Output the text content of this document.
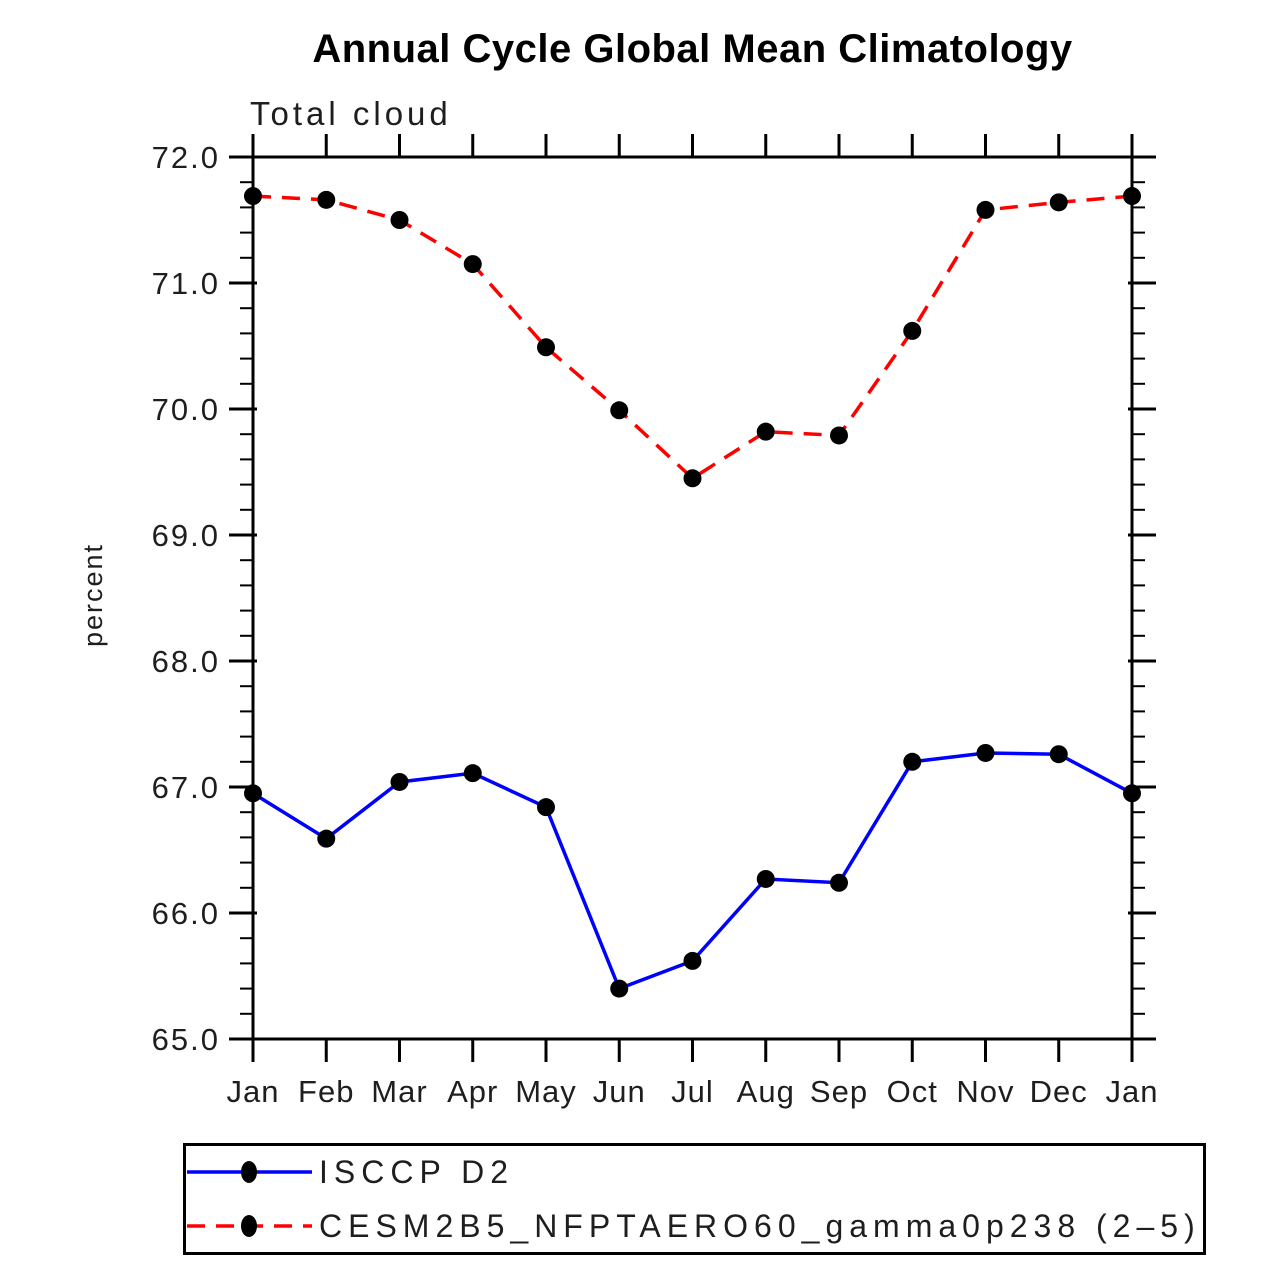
Annual Cycle Global Mean Climatology
Total cloud
percent
65.0
66.0
67.0
68.0
69.0
70.0
71.0
72.0
Jan Feb Mar Apr May Jun Jul Aug Sep Oct Nov Dec Jan
ISCCP D2
CESM2B5_NFPTAERO60_gamma0p238 (2–5)
